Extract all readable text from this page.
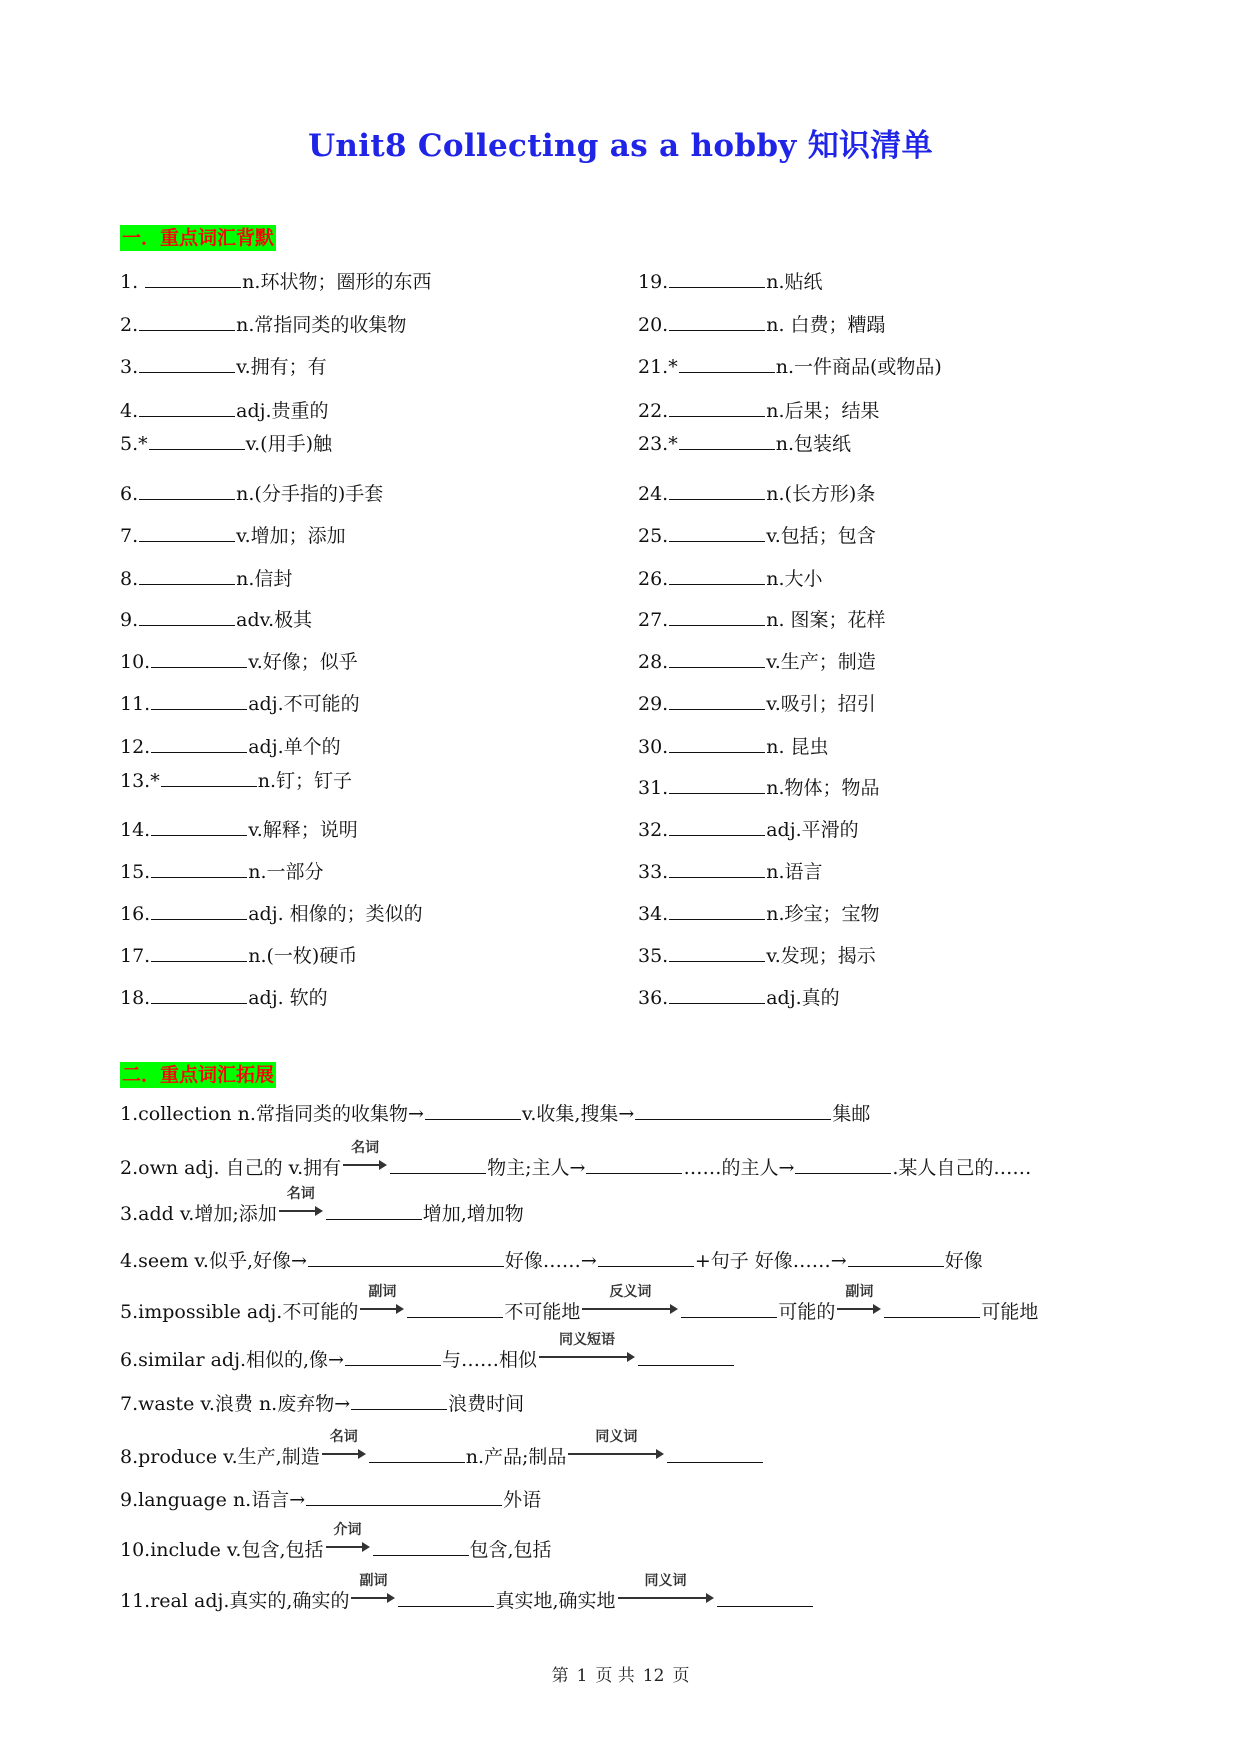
Unit8 Collecting as a hobby 知识清单
一．重点词汇背默
1.	n.环状物；圈形的东西
2.	n.常指同类的收集物
3.	v.拥有；有
4.	adj.贵重的
5.*	v.(用手)触
6.	n.(分手指的)手套
7.	v.增加；添加
8.	n.信封
9.	adv.极其
10.	v.好像；似乎
11.	adj.不可能的
12.	adj.单个的
13.*	n.钉；钉子
14.	v.解释；说明
15.	n.一部分
16.	adj. 相像的；类似的
17.	n.(一枚)硬币
18.	adj. 软的
19.	n.贴纸
20.	n. 白费；糟蹋
21.*	n.一件商品(或物品)
22.	n.后果；结果
23.*	n.包装纸
24.	n.(长方形)条
25.	v.包括；包含
26.	n.大小
27.	n. 图案；花样
28.	v.生产；制造
29.	v.吸引；招引
30.	n. 昆虫
31.	n.物体；物品
32.	adj.平滑的
33.	n.语言
34.	n.珍宝；宝物
35.	v.发现；揭示
36.	adj.真的
二．重点词汇拓展
1.collection n.常指同类的收集物→	v.收集,搜集→	集邮
2.own adj. 自己的 v.拥有
名词
物主;主人→	……的主人→	.某人自己的……
3.add v.增加;添加
名词
增加,增加物
4.seem v.似乎,好像→	好像……→	+句子 好像……→	好像
5.impossible adj.不可能的
副词
不可能地
反义词
可能的
副词
可能地
6.similar adj.相似的,像→	与……相似
同义短语
7.waste v.浪费 n.废弃物→	浪费时间
8.produce v.生产,制造
名词
n.产品;制品
同义词
9.language n.语言→	外语
10.include v.包含,包括
介词
包含,包括
11.real adj.真实的,确实的
副词
真实地,确实地
同义词
第 1 页 共 12 页
